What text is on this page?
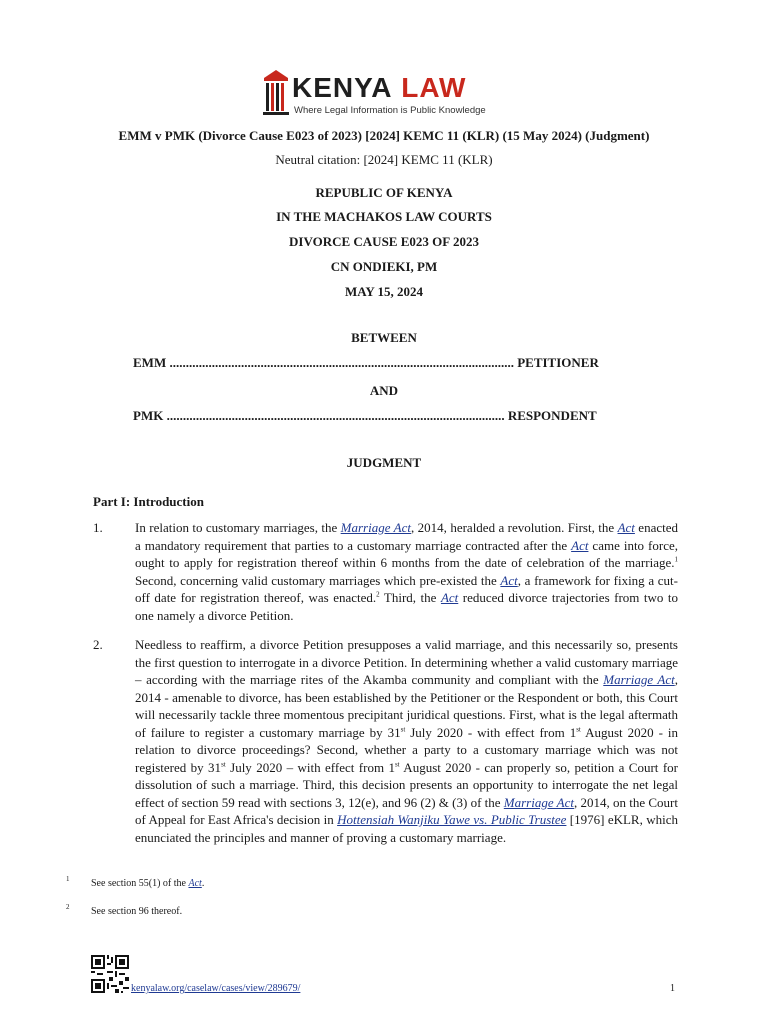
KENYA LAW
Where Legal Information is Public Knowledge
EMM v PMK (Divorce Cause E023 of 2023) [2024] KEMC 11 (KLR) (15 May 2024) (Judgment)
Neutral citation: [2024] KEMC 11 (KLR)
REPUBLIC OF KENYA
IN THE MACHAKOS LAW COURTS
DIVORCE CAUSE E023 OF 2023
CN ONDIEKI, PM
MAY 15, 2024
BETWEEN
EMM .......................................................................................................... PETITIONER
AND
PMK ........................................................................................................ RESPONDENT
JUDGMENT
Part I: Introduction
1. In relation to customary marriages, the Marriage Act, 2014, heralded a revolution. First, the Act enacted a mandatory requirement that parties to a customary marriage contracted after the Act came into force, ought to apply for registration thereof within 6 months from the date of celebration of the marriage.$^1$ Second, concerning valid customary marriages which pre-existed the Act, a framework for fixing a cut-off date for registration thereof, was enacted.$^2$ Third, the Act reduced divorce trajectories from two to one namely a divorce Petition.
2. Needless to reaffirm, a divorce Petition presupposes a valid marriage, and this necessarily so, presents the first question to interrogate in a divorce Petition. In determining whether a valid customary marriage – according with the marriage rites of the Akamba community and compliant with the Marriage Act, 2014 - amenable to divorce, has been established by the Petitioner or the Respondent or both, this Court will necessarily tackle three momentous precipitant juridical questions. First, what is the legal aftermath of failure to register a customary marriage by 31st July 2020 - with effect from 1st August 2020 - in relation to divorce proceedings? Second, whether a party to a customary marriage which was not registered by 31st July 2020 – with effect from 1st August 2020 - can properly so, petition a Court for dissolution of such a marriage. Third, this decision presents an opportunity to interrogate the net legal effect of section 59 read with sections 3, 12(e), and 96 (2) & (3) of the Marriage Act, 2014, on the Court of Appeal for East Africa's decision in Hottensiah Wanjiku Yawe vs. Public Trustee [1976] eKLR, which enunciated the principles and manner of proving a customary marriage.
1 See section 55(1) of the Act.
2 See section 96 thereof.
kenyalaw.org/caselaw/cases/view/289679/	1
